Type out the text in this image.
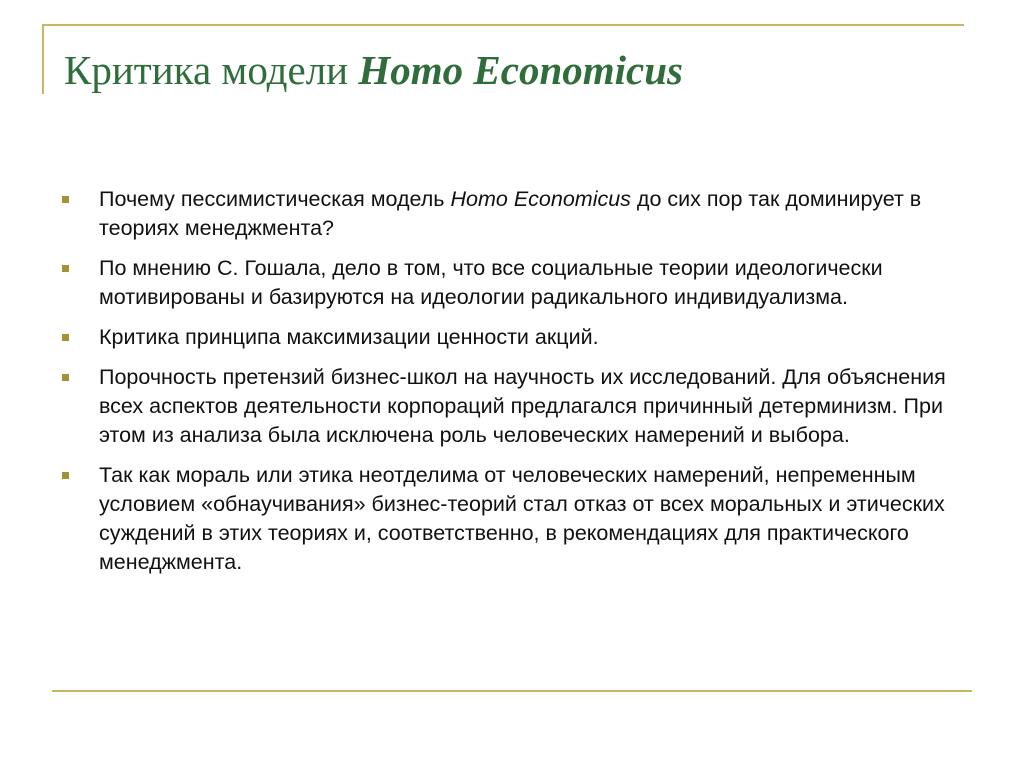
Критика модели Homo Economicus
Почему пессимистическая модель Homo Economicus до сих пор так доминирует в теориях менеджмента?
По мнению С. Гошала, дело в том, что все социальные теории идеологически мотивированы и базируются на идеологии радикального индивидуализма.
Критика принципа максимизации ценности акций.
Порочность претензий бизнес-школ на научность их исследований. Для объяснения всех аспектов деятельности корпораций предлагался причинный детерминизм. При этом из анализа была исключена роль человеческих намерений и выбора.
Так как мораль или этика неотделима от человеческих намерений, непременным условием «обнаучивания» бизнес-теорий стал отказ от всех моральных и этических суждений в этих теориях и, соответственно, в рекомендациях для практического менеджмента.
